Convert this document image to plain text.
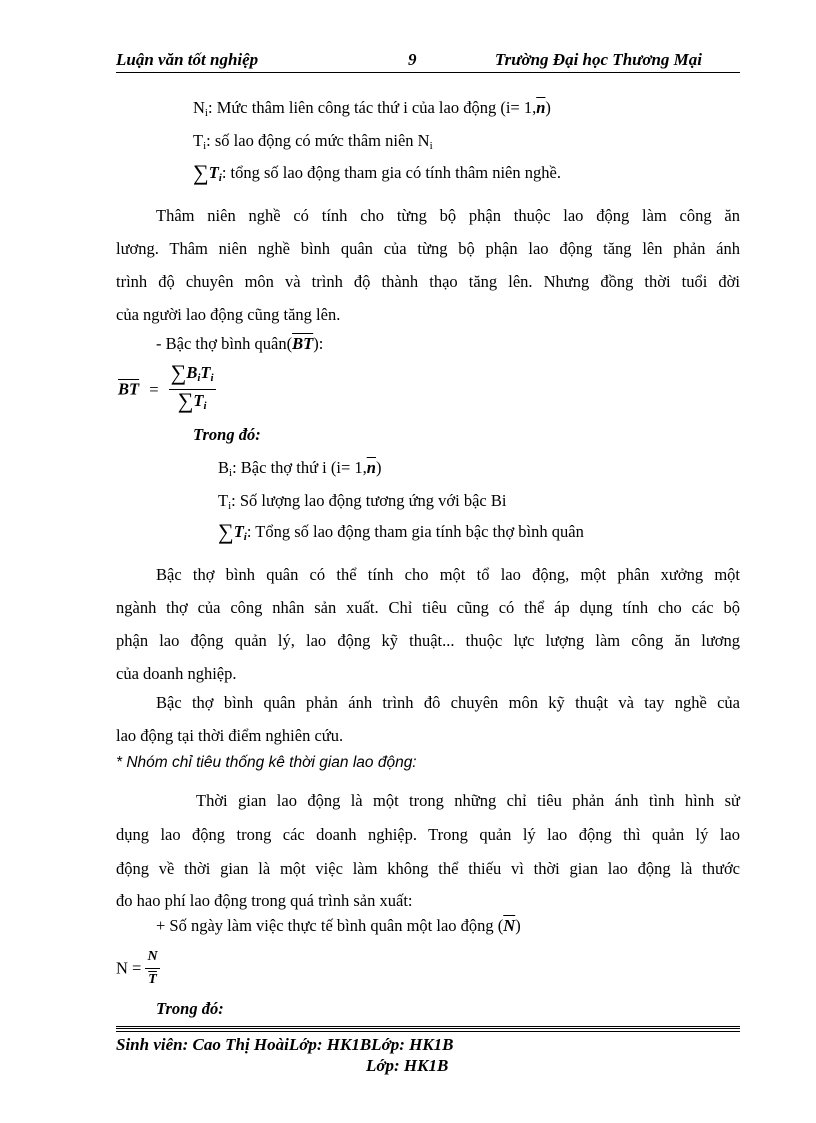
Luận văn tốt nghiệp	9	Trường Đại học Thương Mại
$N_i$: Mức thâm liên công tác thứ i của lao động $(i= 1,\overline{n})$
$T_i$: số lao động có mức thâm niên $N_i$
$\sum T_i$: tổng số lao động tham gia có tính thâm niên nghề.
Thâm niên nghề có tính cho từng bộ phận thuộc lao động làm công ăn
lương. Thâm niên nghề bình quân của từng bộ phận lao động tăng lên phản ánh
trình độ chuyên môn và trình độ thành thạo tăng lên. Nhưng đồng thời tuổi đời
của người lao động cũng tăng lên.
- Bậc thợ bình $quân(\overline{BT})$:
$\overline{BT} = \frac{\sum B_iT_i}{\sum T_i}$
Trong đó:
$B_i$: Bậc thợ thứ i $(i= 1,\overline{n})$
$T_i$: Số lượng lao động tương ứng với bậc Bi
$\sum T_i$: Tổng số lao động tham gia tính bậc thợ bình quân
Bậc thợ bình quân có thể tính cho một tổ lao động, một phân xưởng một
ngành thợ của công nhân sản xuất. Chỉ tiêu cũng có thể áp dụng tính cho các bộ
phận lao động quản lý, lao động kỹ thuật... thuộc lực lượng làm công ăn lương
của doanh nghiệp.
Bậc thợ bình quân phản ánh trình đô chuyên môn kỹ thuật và tay nghề của
lao động tại thời điểm nghiên cứu.
* Nhóm chỉ tiêu thống kê thời gian lao động:
Thời gian lao động là một trong những chỉ tiêu phản ánh tình hình sử
dụng lao động trong các doanh nghiệp. Trong quản lý lao động thì quản lý lao
động về thời gian là một việc làm không thể thiếu vì thời gian lao động là thước
đo hao phí lao động trong quá trình sản xuất:
+ Số ngày làm việc thực tế bình quân một lao động $(\overline{N})$
$N = \frac{N}{T}$
Trong đó:
Sinh viên: Cao Thị HoàiLớp: HK1BLớp: HK1B
Lớp: HK1B
